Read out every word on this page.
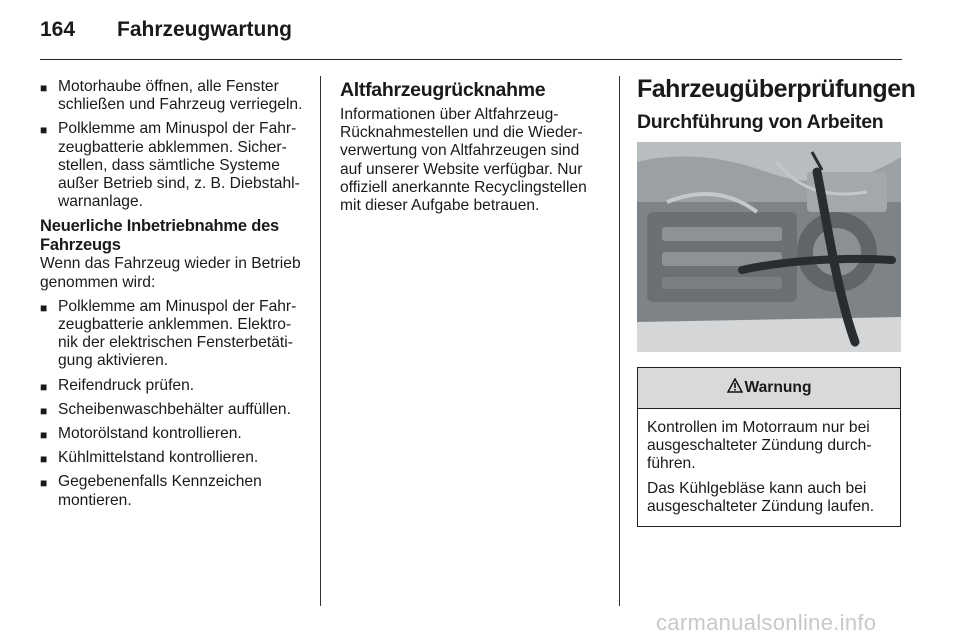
164 Fahrzeugwartung
■ Motorhaube öffnen, alle Fenster schließen und Fahrzeug verriegeln.
■ Polklemme am Minuspol der Fahr-zeugbatterie abklemmen. Sicher-stellen, dass sämtliche Systeme außer Betrieb sind, z. B. Diebstahl-warnanlage.
Neuerliche Inbetriebnahme des Fahrzeugs

Wenn das Fahrzeug wieder in Betrieb genommen wird:

■ Polklemme am Minuspol der Fahr-zeugbatterie anklemmen. Elektro-nik der elektrischen Fensterbetäti-gung aktivieren.
■ Reifendruck prüfen.
■ Scheibenwaschbehälter auffüllen.
■ Motorölstand kontrollieren.
■ Kühlmittelstand kontrollieren.
■ Gegebenenfalls Kennzeichen montieren.
Altfahrzeugrücknahme

Informationen über Altfahrzeug-Rücknahmestellen und die Wieder-verwertung von Altfahrzeugen sind auf unserer Website verfügbar. Nur offiziell anerkannte Recyclingstellen mit dieser Aufgabe betrauen.

Fahrzeugüberprüfungen
Durchführung von Arbeiten
Warnung

Kontrollen im Motorraum nur bei ausgeschalteter Zündung durch-führen.

Das Kühlgebläse kann auch bei ausgeschalteter Zündung laufen.

carmanualsonline.info
